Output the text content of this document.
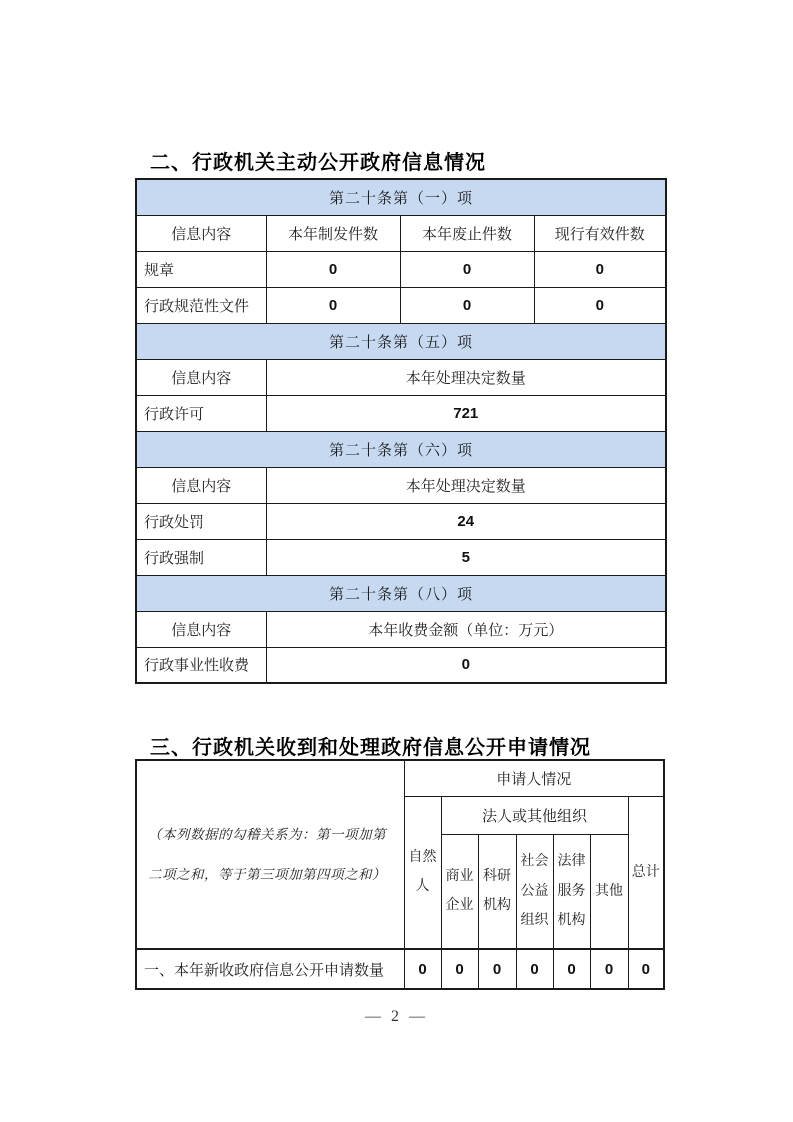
二、行政机关主动公开政府信息情况
第二十条第（一）项			
信息内容	本年制发件数	本年废止件数	现行有效件数
规章	0	0	0
行政规范性文件	0	0	0
第二十条第（五）项			
信息内容	本年处理决定数量		
行政许可	721		
第二十条第（六）项			
信息内容	本年处理决定数量		
行政处罚	24		
行政强制	5		
第二十条第（八）项			
信息内容	本年收费金额（单位：万元）		
行政事业性收费	0		
三、行政机关收到和处理政府信息公开申请情况
（本列数据的勾稽关系为：第一项加第二项之和，等于第三项加第四项之和）	申请人情况						
	自然人	法人或其他组织					总计
		商业企业	科研机构	社会公益组织	法律服务机构	其他	
一、本年新收政府信息公开申请数量	0	0	0	0	0	0	0
— 2 —
